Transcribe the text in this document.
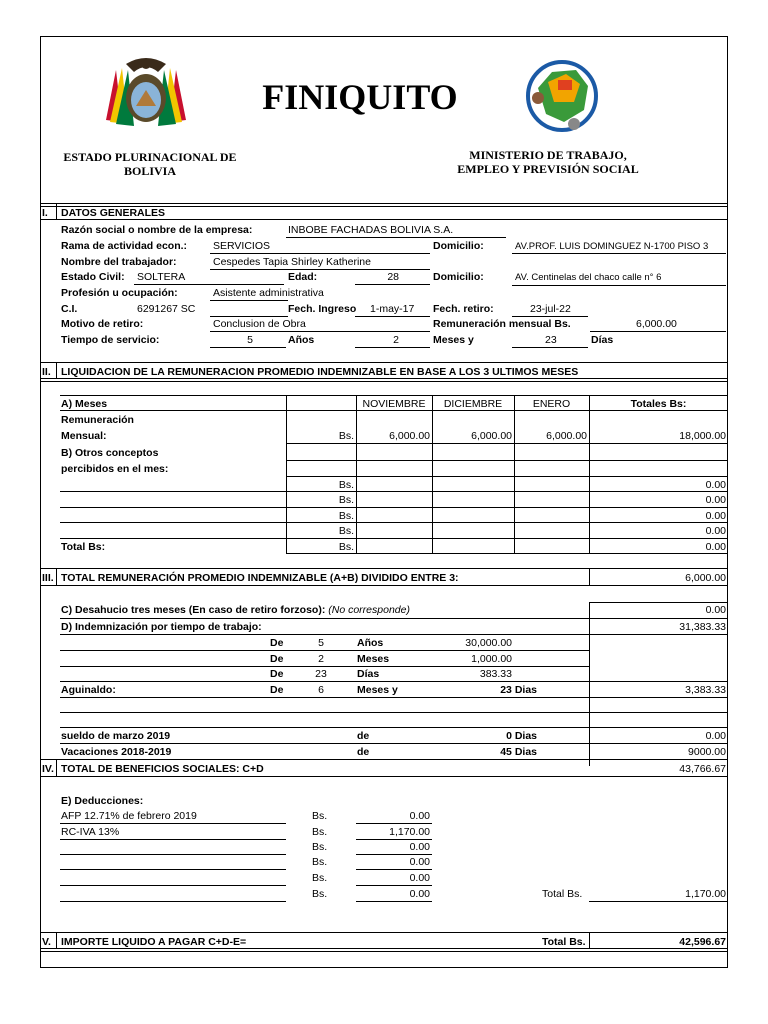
FINIQUITO
ESTADO PLURINACIONAL DE
BOLIVIA
MINISTERIO DE TRABAJO,
EMPLEO Y PREVISIÓN SOCIAL
I. DATOS GENERALES
Razón social o nombre de la empresa:	INBOBE FACHADAS BOLIVIA S.A.
Rama de actividad econ.: SERVICIOS	Domicilio:	AV.PROF. LUIS DOMINGUEZ N-1700 PISO 3
Nombre del trabajador:	Cespedes Tapia Shirley Katherine
Estado Civil: SOLTERA	Edad:	28	Domicilio:	AV. Centinelas del chaco calle n° 6
Profesión u ocupación:	Asistente administrativa
C.I.	6291267 SC	Fech. Ingreso 1-may-17 Fech. retiro:	23-jul-22
Motivo de retiro:	Conclusion de Obra	Remuneración mensual Bs.	6,000.00
Tiempo de servicio:	5	Años	2	Meses y	23	Días
II. LIQUIDACION DE LA REMUNERACION PROMEDIO INDEMNIZABLE EN BASE A LOS 3 ULTIMOS MESES
A) Meses	NOVIEMBRE	DICIEMBRE	ENERO	Totales Bs:
Remuneración
Mensual:	Bs.	6,000.00	6,000.00	6,000.00	18,000.00
B) Otros conceptos
percibidos en el mes:
Bs.	0.00
Bs.	0.00
Bs.	0.00
Bs.	0.00
Total Bs:	Bs.	0.00
III. TOTAL REMUNERACIÓN PROMEDIO INDEMNIZABLE (A+B) DIVIDIDO ENTRE 3:	6,000.00
C) Desahucio tres meses (En caso de retiro forzoso): (No corresponde)	0.00
D) Indemnización por tiempo de trabajo:	31,383.33
De	5	Años	30,000.00
De	2	Meses	1,000.00
De	23	Días	383.33
Aguinaldo:	De	6	Meses y	23 Dias	3,383.33
sueldo de marzo 2019	de	0 Dias	0.00
Vacaciones 2018-2019	de	45 Dias	9000.00
IV. TOTAL DE BENEFICIOS SOCIALES: C+D	43,766.67
E) Deducciones:
AFP 12.71% de febrero 2019	Bs.	0.00
RC-IVA 13%	Bs.	1,170.00
Bs.	0.00
Bs.	0.00
Bs.	0.00
Bs.	0.00	Total Bs.	1,170.00
V. IMPORTE LIQUIDO A PAGAR C+D-E=	Total Bs.	42,596.67
